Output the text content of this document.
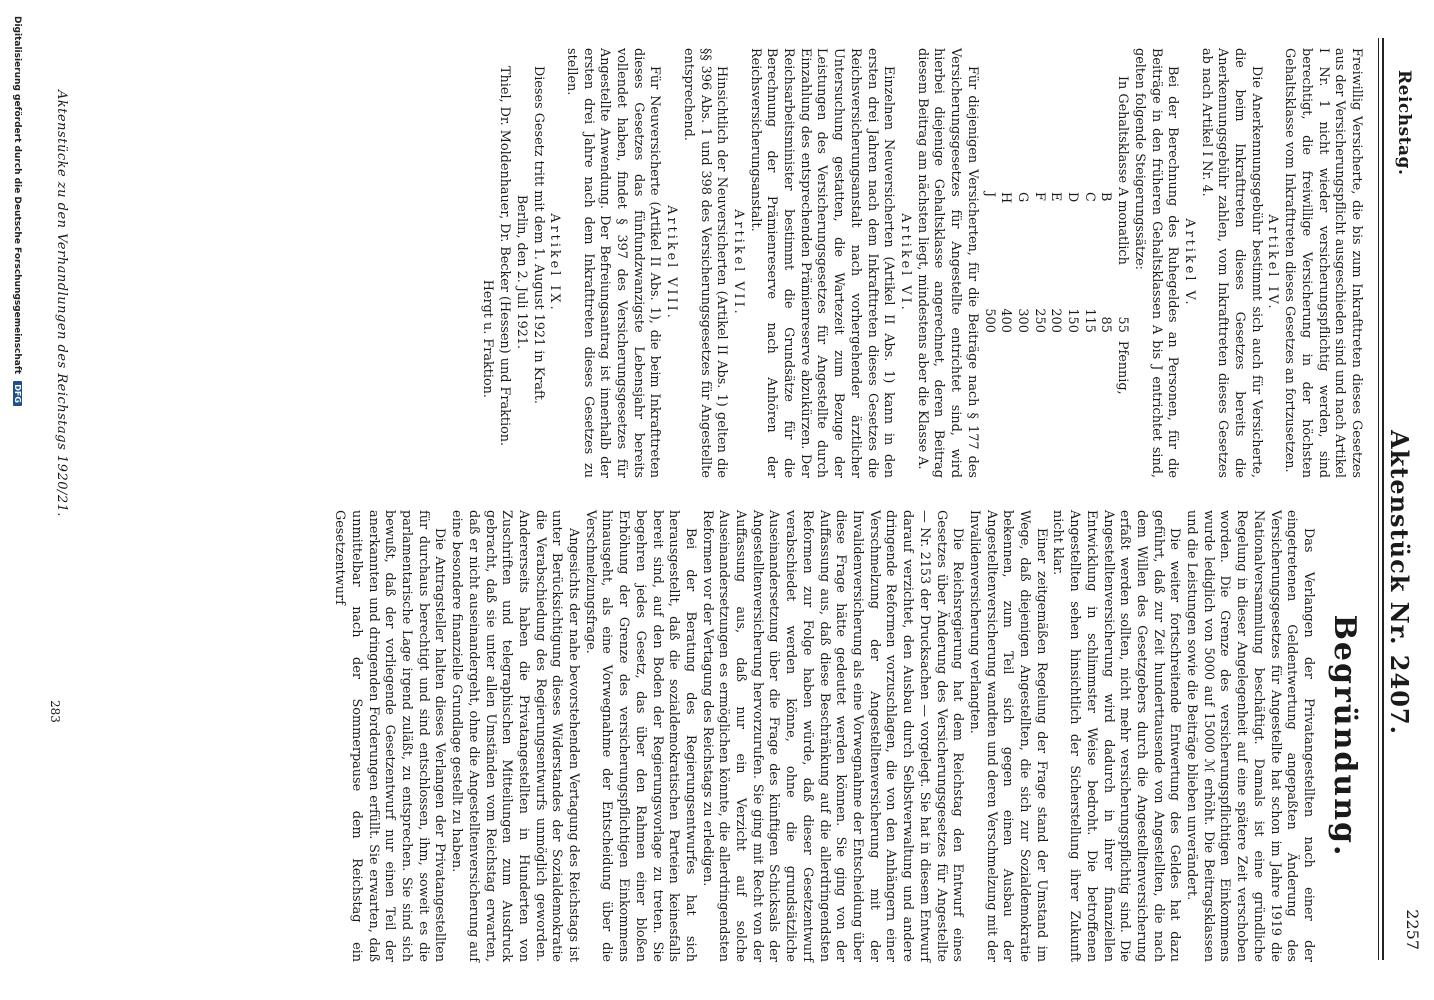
Reichstag.
Aktenstück Nr. 2407.
2257

Freiwillig Versicherte, die bis zum Inkrafttreten dieses Gesetzes aus der Versicherungspflicht ausgeschieden sind und nach Artikel I Nr. 1 nicht wieder versicherungspflichtig werden, sind berechtigt, die freiwillige Versicherung in der höchsten Gehaltsklasse vom Inkrafttreten dieses Gesetzes an fortzusetzen.

Artikel IV.

Die Anerkennungsgebühr bestimmt sich auch für Versicherte, die beim Inkrafttreten dieses Gesetzes bereits die Anerkennungsgebühr zahlen, vom Inkrafttreten dieses Gesetzes ab nach Artikel I Nr. 4.

Artikel V.

Bei der Berechnung des Ruhegeldes an Personen, für die Beiträge in den früheren Gehaltsklassen A bis J entrichtet sind, gelten folgende Steigerungssätze:

In Gehaltsklasse A monatlich	55	Pfennig,
B	85	
C	115	
D	150	
E	200	
F	250	
G	300	
H	400	
J	500	

Für diejenigen Versicherten, für die Beiträge nach § 177 des Versicherungsgesetzes für Angestellte entrichtet sind, wird hierbei diejenige Gehaltsklasse angerechnet, deren Beitrag diesem Beitrag am nächsten liegt, mindestens aber die Klasse A.

Artikel VI.

Einzelnen Neuversicherten (Artikel II Abs. 1) kann in den ersten drei Jahren nach dem Inkrafttreten dieses Gesetzes die Reichsversicherungsanstalt nach vorhergehender ärztlicher Untersuchung gestatten, die Wartezeit zum Bezuge der Leistungen des Versicherungsgesetzes für Angestellte durch Einzahlung des entsprechenden Prämienreserve abzukürzen. Der Reichsarbeitsminister bestimmt die Grundsätze für die Berechnung der Prämienreserve nach Anhören der Reichsversicherungsanstalt.

Artikel VII.

Hinsichtlich der Neuversicherten (Artikel II Abs. 1) gelten die §§ 396 Abs. 1 und 398 des Versicherungsgesetzes für Angestellte entsprechend.

Artikel VIII.

Für Neuversicherte (Artikel II Abs. 1), die beim Inkrafttreten dieses Gesetzes das fünfundzwanzigste Lebensjahr bereits vollendet haben, findet § 397 des Versicherungsgesetzes für Angestellte Anwendung. Der Befreiungsantrag ist innerhalb der ersten drei Jahre nach dem Inkrafttreten dieses Gesetzes zu stellen.

Artikel IX.

Dieses Gesetz tritt mit dem 1. August 1921 in Kraft.

Berlin, den 2. Juli 1921.

Thiel, Dr. Moldenhauer, Dr. Becker (Hessen) und Fraktion.

Hergt u. Fraktion.

Begründung.

Das Verlangen der Privatangestellten nach einer der eingetretenen Geldentwertung angepaßten Änderung des Versicherungsgesetzes für Angestellte hat schon im Jahre 1919 die Nationalversammlung beschäftigt. Damals ist eine gründliche Regelung in dieser Angelegenheit auf eine spätere Zeit verschoben worden. Die Grenze des versicherungspflichtigen Einkommens wurde lediglich von 5000 auf 15000 ℳ erhöht. Die Beitragsklassen und die Leistungen sowie die Beiträge blieben unverändert.

Die weiter fortschreitende Entwertung des Geldes hat dazu geführt, daß zur Zeit hunderttausende von Angestellten, die nach dem Willen des Gesetzgebers durch die Angestelltenversicherung erfaßt werden sollten, nicht mehr versicherungspflichtig sind. Die Angestelltenversicherung wird dadurch in ihrer finanziellen Entwicklung in schlimmster Weise bedroht. Die betroffenen Angestellten sehen hinsichtlich der Sicherstellung ihrer Zukunft nicht klar.

Einer zeitgemäßen Regelung der Frage stand der Umstand im Wege, daß diejenigen Angestellten, die sich zur Sozialdemokratie bekennen, zum Teil sich gegen einen Ausbau der Angestelltenversicherung wandten und deren Verschmelzung mit der Invalidenversicherung verlangten.

Die Reichsregierung hat dem Reichstag den Entwurf eines Gesetzes über Änderung des Versicherungsgesetzes für Angestellte — Nr. 2153 der Drucksachen — vorgelegt. Sie hat in diesem Entwurf darauf verzichtet, den Ausbau durch Selbstverwaltung und andere dringende Reformen vorzuschlagen, die von den Anhängern einer Verschmelzung der Angestelltenversicherung mit der Invalidenversicherung als eine Vorwegnahme der Entscheidung über diese Frage hätte gedeutet werden können. Sie ging von der Auffassung aus, daß diese Beschränkung auf die allerdringendsten Reformen zur Folge haben würde, daß dieser Gesetzentwurf verabschiedet werden könne, ohne die grundsätzliche Auseinandersetzung über die Frage des künftigen Schicksals der Angestelltenversicherung hervorzurufen. Sie ging mit Recht von der Auffassung aus, daß nur ein Verzicht auf solche Auseinandersetzungen es ermöglichen könnte, die allerdringendsten Reformen vor der Vertagung des Reichstags zu erledigen.

Bei der Beratung des Regierungsentwurfes hat sich herausgestellt, daß die sozialdemokratischen Parteien keinesfalls bereit sind, auf den Boden der Regierungsvorlage zu treten. Sie begehren jedes Gesetz, das über den Rahmen einer bloßen Erhöhung der Grenze des versicherungspflichtigen Einkommens hinausgeht, als eine Vorwegnahme der Entscheidung über die Verschmelzungsfrage.

Angesichts der nahe bevorstehenden Vertagung des Reichstags ist unter Berücksichtigung dieses Widerstandes der Sozialdemokratie die Verabschiedung des Regierungsentwurfs unmöglich geworden. Andererseits haben die Privatangestellten in Hunderten von Zuschriften und telegraphischen Mitteilungen zum Ausdruck gebracht, daß sie unter allen Umständen vom Reichstag erwarten, daß er nicht auseinandergeht, ohne die Angestelltenversicherung auf eine besondere finanzielle Grundlage gestellt zu haben.

Die Antragsteller halten dieses Verlangen der Privatangestellten für durchaus berechtigt und sind entschlossen, ihm, soweit es die parlamentarische Lage irgend zuläßt, zu entsprechen. Sie sind sich bewußt, daß der vorliegende Gesetzentwurf nur einen Teil der anerkannten und dringenden Forderungen erfüllt. Sie erwarten, daß unmittelbar nach der Sommerpause dem Reichstag ein Gesetzentwurf

Aktenstücke zu den Verhandlungen des Reichstags 1920/21.
283
Digitalisierung gefördert durch die Deutsche Forschungsgemeinschaft DFG
